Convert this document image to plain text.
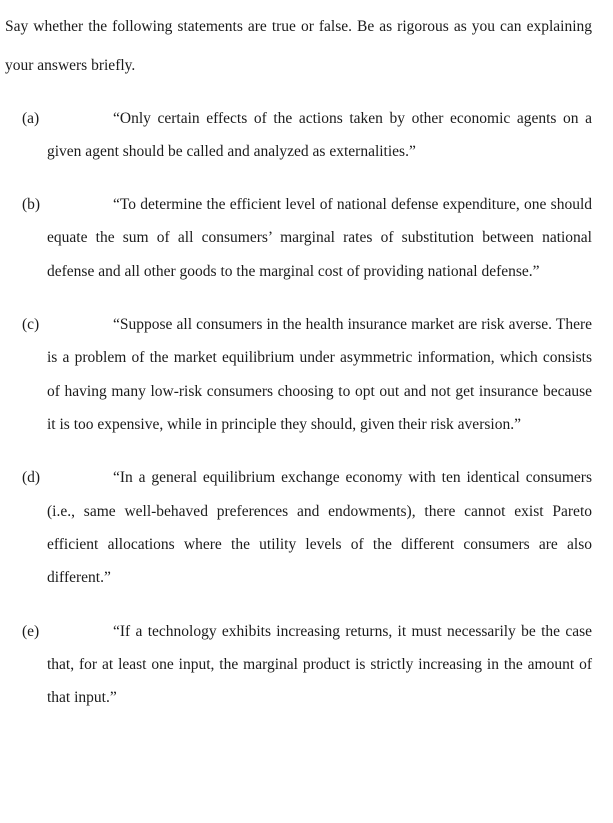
Say whether the following statements are true or false. Be as rigorous as you can explaining your answers briefly.

(a)	“Only certain effects of the actions taken by other economic agents on a given agent should be called and analyzed as externalities.”

(b)	“To determine the efficient level of national defense expenditure, one should equate the sum of all consumers’ marginal rates of substitution between national defense and all other goods to the marginal cost of providing national defense.”

(c)	“Suppose all consumers in the health insurance market are risk averse. There is a problem of the market equilibrium under asymmetric information, which consists of having many low-risk consumers choosing to opt out and not get insurance because it is too expensive, while in principle they should, given their risk aversion.”

(d)	“In a general equilibrium exchange economy with ten identical consumers (i.e., same well-behaved preferences and endowments), there cannot exist Pareto efficient allocations where the utility levels of the different consumers are also different.”

(e)	“If a technology exhibits increasing returns, it must necessarily be the case that, for at least one input, the marginal product is strictly increasing in the amount of that input.”
